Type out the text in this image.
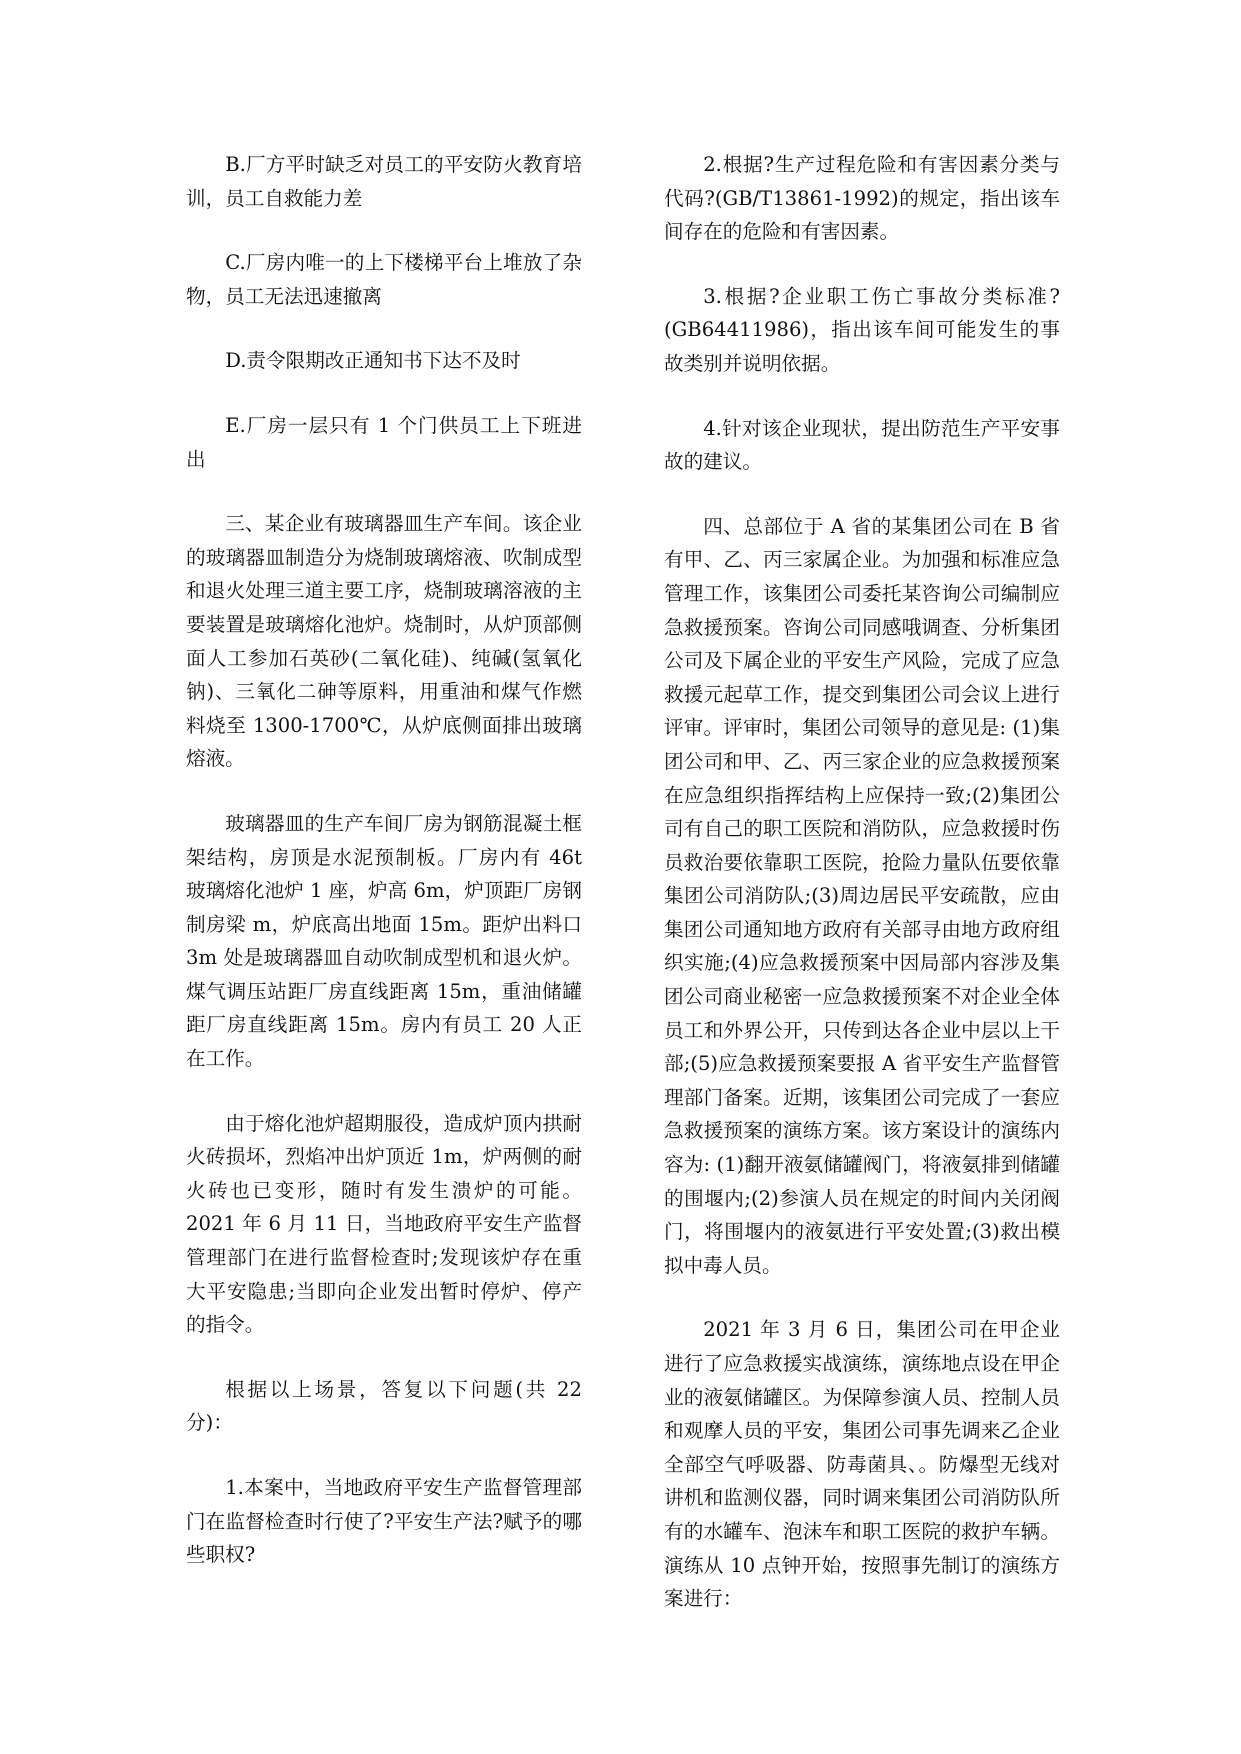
B.厂方平时缺乏对员工的平安防火教育培训，员工自救能力差

C.厂房内唯一的上下楼梯平台上堆放了杂物，员工无法迅速撤离

D.责令限期改正通知书下达不及时

E.厂房一层只有 1 个门供员工上下班进出

三、某企业有玻璃器皿生产车间。该企业的玻璃器皿制造分为烧制玻璃熔液、吹制成型和退火处理三道主要工序，烧制玻璃溶液的主要装置是玻璃熔化池炉。烧制时，从炉顶部侧面人工参加石英砂(二氧化硅)、纯碱(氢氧化钠)、三氧化二砷等原料，用重油和煤气作燃料烧至 1300-1700℃，从炉底侧面排出玻璃熔液。

玻璃器皿的生产车间厂房为钢筋混凝土框架结构，房顶是水泥预制板。厂房内有 46t 玻璃熔化池炉 1 座，炉高 6m，炉顶距厂房钢制房梁 m，炉底高出地面 15m。距炉出料口 3m 处是玻璃器皿自动吹制成型机和退火炉。煤气调压站距厂房直线距离 15m，重油储罐距厂房直线距离 15m。房内有员工 20 人正在工作。

由于熔化池炉超期服役，造成炉顶内拱耐火砖损坏，烈焰冲出炉顶近 1m，炉两侧的耐火砖也已变形，随时有发生溃炉的可能。2021 年 6 月 11 日，当地政府平安生产监督管理部门在进行监督检查时;发现该炉存在重大平安隐患;当即向企业发出暂时停炉、停产的指令。

根据以上场景，答复以下问题(共 22 分)：

1.本案中，当地政府平安生产监督管理部门在监督检查时行使了?平安生产法?赋予的哪些职权?

2.根据?生产过程危险和有害因素分类与代码?(GB/T13861-1992)的规定，指出该车间存在的危险和有害因素。

3.根据?企业职工伤亡事故分类标准?(GB64411986)，指出该车间可能发生的事故类别并说明依据。

4.针对该企业现状，提出防范生产平安事故的建议。

四、总部位于 A 省的某集团公司在 B 省有甲、乙、丙三家属企业。为加强和标准应急管理工作，该集团公司委托某咨询公司编制应急救援预案。咨询公司同感哦调查、分析集团公司及下属企业的平安生产风险，完成了应急救援元起草工作，提交到集团公司会议上进行评审。评审时，集团公司领导的意见是: (1)集团公司和甲、乙、丙三家企业的应急救援预案在应急组织指挥结构上应保持一致;(2)集团公司有自己的职工医院和消防队，应急救援时伤员救治要依靠职工医院，抢险力量队伍要依靠集团公司消防队;(3)周边居民平安疏散，应由集团公司通知地方政府有关部寻由地方政府组织实施;(4)应急救援预案中因局部内容涉及集团公司商业秘密一应急救援预案不对企业全体员工和外界公开，只传到达各企业中层以上干部;(5)应急救援预案要报 A 省平安生产监督管理部门备案。近期，该集团公司完成了一套应急救援预案的演练方案。该方案设计的演练内容为: (1)翻开液氨储罐阀门，将液氨排到储罐的围堰内;(2)参演人员在规定的时间内关闭阀门，将围堰内的液氨进行平安处置;(3)救出模拟中毒人员。

2021 年 3 月 6 日，集团公司在甲企业进行了应急救援实战演练，演练地点设在甲企业的液氨储罐区。为保障参演人员、控制人员和观摩人员的平安，集团公司事先调来乙企业全部空气呼吸器、防毒菌具、。防爆型无线对讲机和监测仪器，同时调来集团公司消防队所有的水罐车、泡沫车和职工医院的救护车辆。演练从 10 点钟开始，按照事先制订的演练方案进行：
